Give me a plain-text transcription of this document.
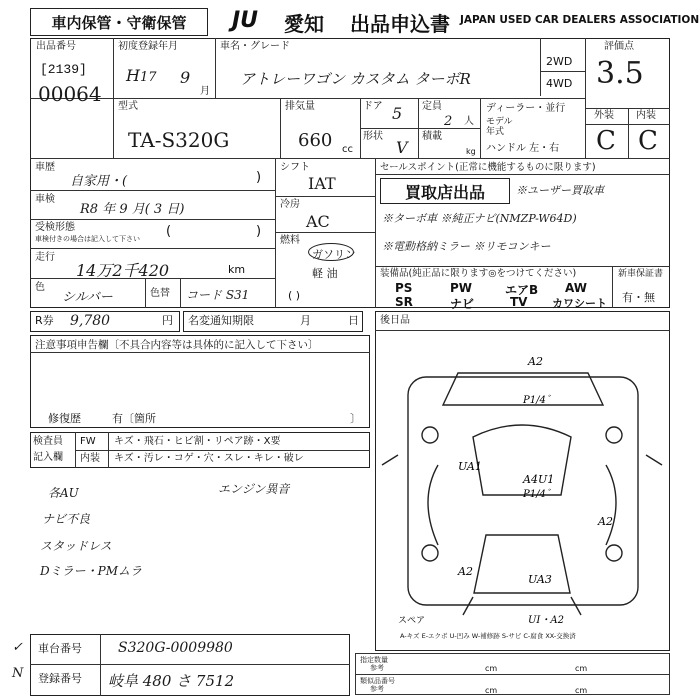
車内保管・守衛保管 JU	愛知 出品申込書 JAPAN USED CAR DEALERS ASSOCIATION
出品番号
[2139]
00064
初度登録年月
H 17 9
月
車名・グレード
アトレーワゴン カスタム ターボR
2WD
4WD
評価点
3.5
外装 内装
C C
型式
TA-S320G
排気量
660 cc
ドア 5
形状
V
定員
2 人
積載
kg
ディーラー・並行
モデル
年式
ハンドル 左・右
車歴
自家用・(	)
車検
R8 年 9 月( 3 日)
受検形態
車検付きの場合は記入して下さい (	)
走行
14万2千420	km
色
シルバー	色替 コード S31
シフト
IAT
冷房
AC
燃料
ガソリン
軽 油
( )
セールスポイント(正常に機能するものに限ります)
買取店出品	※ユーザー買取車
※ターボ車 ※純正ナビ(NMZP-W64D)
※電動格納ミラー ※リモコンキー
装備品(純正品に限ります◎をつけてください)	新車保証書
有・無
PS	PW	エアB AW
SR	ナビ	TV カワシート
R券 9,780	円 名変通知期限	月	日 後日品
注意事項申告欄〔不具合内容等は具体的に記入して下さい〕
修復歴	有〔箇所	〕
検査員
記入欄
FW キズ・飛石・ヒビ割・リペア跡・X要
内装 キズ・汚レ・コゲ・穴・スレ・キレ・破レ
各AU	エンジン異音
ナビ不良
スタッドレス
Dミラー・PMムラ
A2
P1/4゛
UA1
A4U1
P1/4゛
A2
A2
UA3
UI・A2
スペア
A-キズ E-エクボ U-凹み W-補修跡 S-サビ C-腐食 XX-交換済
指定数量
参考
類似品番号
参考
cm	cm
cm	cm
車台番号	S320G-0009980
登録番号 岐阜 480 さ 7512
✓
N
